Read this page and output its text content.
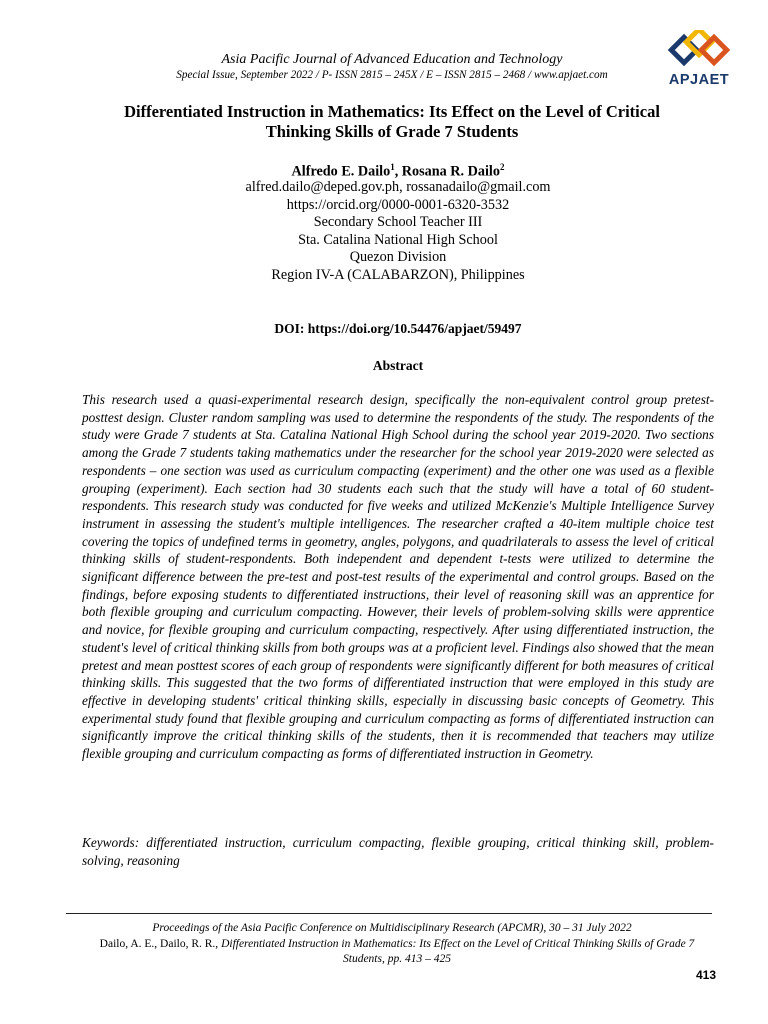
Asia Pacific Journal of Advanced Education and Technology
Special Issue, September 2022 / P- ISSN 2815 – 245X / E – ISSN 2815 – 2468 / www.apjaet.com	APJAET
Differentiated Instruction in Mathematics: Its Effect on the Level of Critical Thinking Skills of Grade 7 Students
Alfredo E. Dailo$^1$, Rosana R. Dailo$^2$
alfred.dailo@deped.gov.ph, rossanadailo@gmail.com
https://orcid.org/0000-0001-6320-3532
Secondary School Teacher III
Sta. Catalina National High School
Quezon Division
Region IV-A (CALABARZON), Philippines
DOI: https://doi.org/10.54476/apjaet/59497
Abstract

This research used a quasi-experimental research design, specifically the non-equivalent control group pretest-posttest design. Cluster random sampling was used to determine the respondents of the study. The respondents of the study were Grade 7 students at Sta. Catalina National High School during the school year 2019-2020. Two sections among the Grade 7 students taking mathematics under the researcher for the school year 2019-2020 were selected as respondents – one section was used as curriculum compacting (experiment) and the other one was used as a flexible grouping (experiment). Each section had 30 students each such that the study will have a total of 60 student-respondents. This research study was conducted for five weeks and utilized McKenzie's Multiple Intelligence Survey instrument in assessing the student's multiple intelligences. The researcher crafted a 40-item multiple choice test covering the topics of undefined terms in geometry, angles, polygons, and quadrilaterals to assess the level of critical thinking skills of student-respondents. Both independent and dependent t-tests were utilized to determine the significant difference between the pre-test and post-test results of the experimental and control groups. Based on the findings, before exposing students to differentiated instructions, their level of reasoning skill was an apprentice for both flexible grouping and curriculum compacting. However, their levels of problem-solving skills were apprentice and novice, for flexible grouping and curriculum compacting, respectively. After using differentiated instruction, the student's level of critical thinking skills from both groups was at a proficient level. Findings also showed that the mean pretest and mean posttest scores of each group of respondents were significantly different for both measures of critical thinking skills. This suggested that the two forms of differentiated instruction that were employed in this study are effective in developing students' critical thinking skills, especially in discussing basic concepts of Geometry. This experimental study found that flexible grouping and curriculum compacting as forms of differentiated instruction can significantly improve the critical thinking skills of the students, then it is recommended that teachers may utilize flexible grouping and curriculum compacting as forms of differentiated instruction in Geometry.

Keywords: differentiated instruction, curriculum compacting, flexible grouping, critical thinking skill, problem-solving, reasoning

Proceedings of the Asia Pacific Conference on Multidisciplinary Research (APCMR), 30 – 31 July 2022
Dailo, A. E., Dailo, R. R., Differentiated Instruction in Mathematics: Its Effect on the Level of Critical Thinking Skills of Grade 7 Students, pp. 413 – 425
413
